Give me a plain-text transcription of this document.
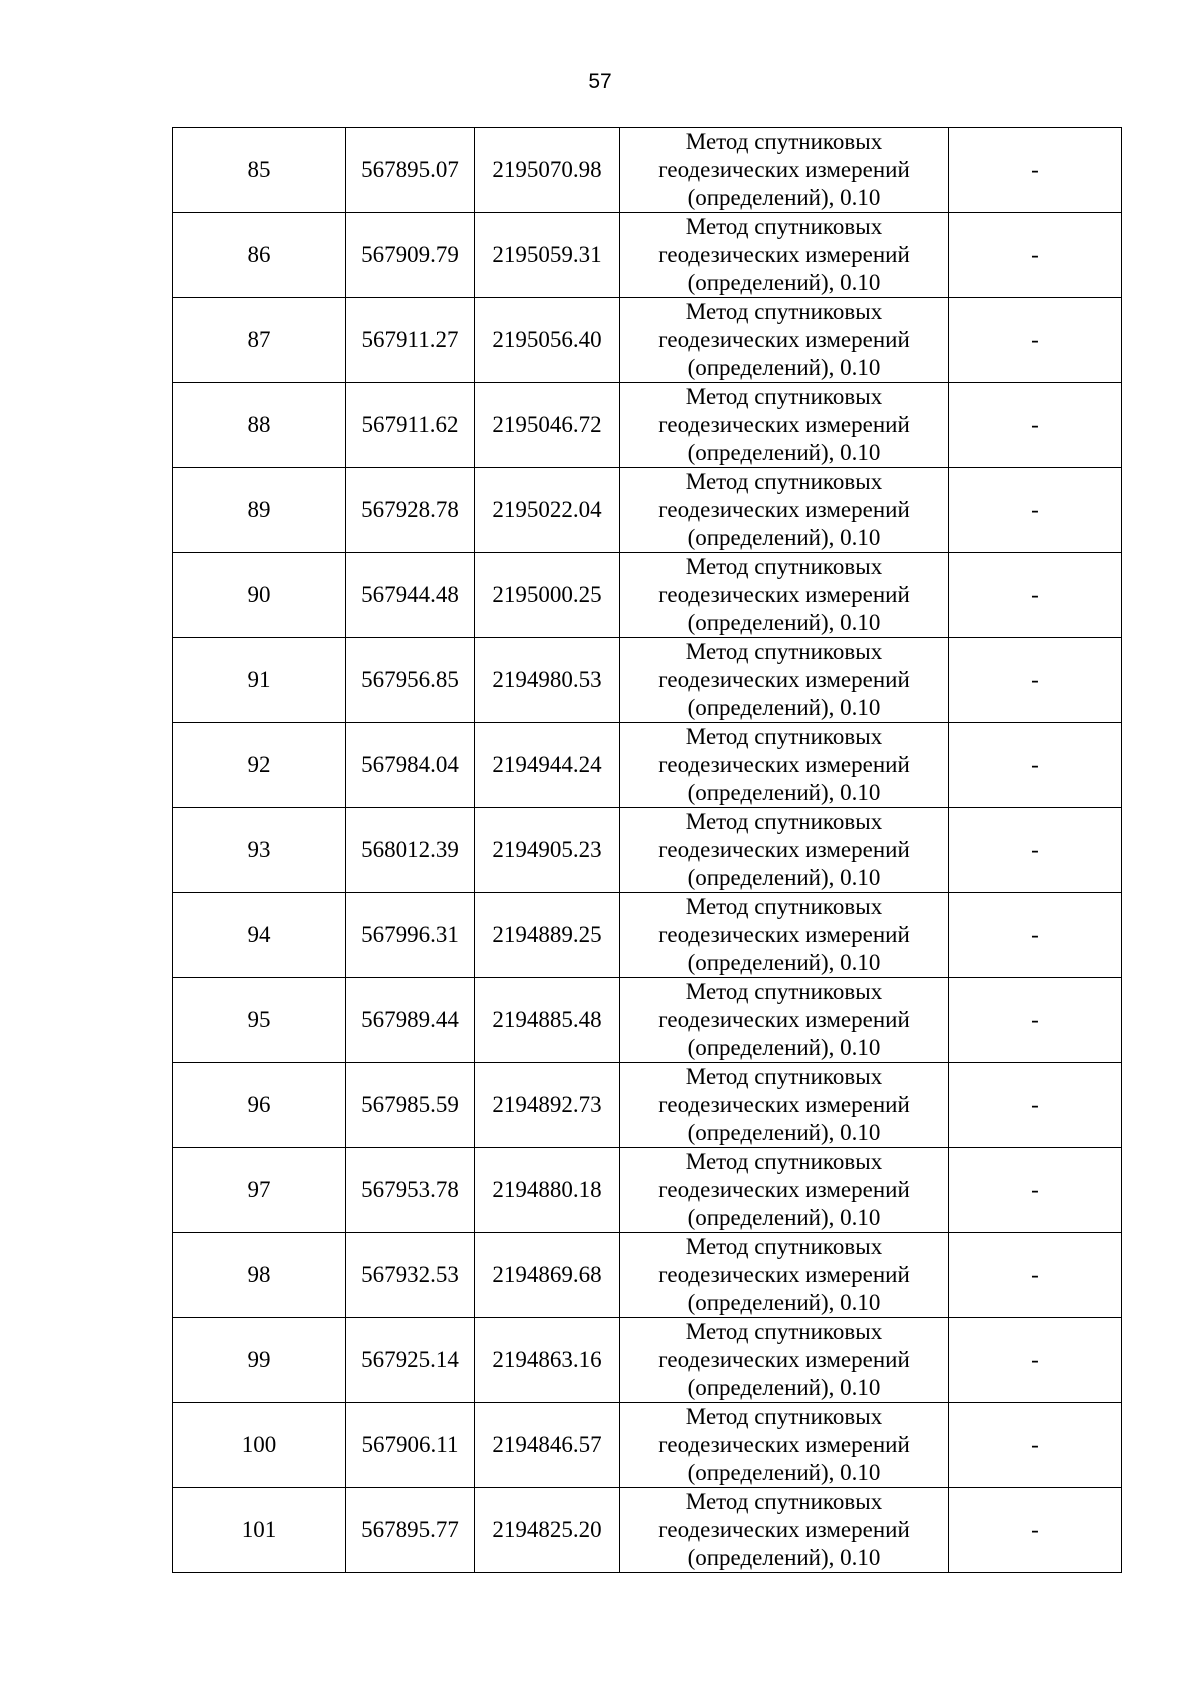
57
85	567895.07	2195070.98	Метод спутниковых
геодезических измерений
(определений), 0.10	-
86	567909.79	2195059.31	Метод спутниковых
геодезических измерений
(определений), 0.10	-
87	567911.27	2195056.40	Метод спутниковых
геодезических измерений
(определений), 0.10	-
88	567911.62	2195046.72	Метод спутниковых
геодезических измерений
(определений), 0.10	-
89	567928.78	2195022.04	Метод спутниковых
геодезических измерений
(определений), 0.10	-
90	567944.48	2195000.25	Метод спутниковых
геодезических измерений
(определений), 0.10	-
91	567956.85	2194980.53	Метод спутниковых
геодезических измерений
(определений), 0.10	-
92	567984.04	2194944.24	Метод спутниковых
геодезических измерений
(определений), 0.10	-
93	568012.39	2194905.23	Метод спутниковых
геодезических измерений
(определений), 0.10	-
94	567996.31	2194889.25	Метод спутниковых
геодезических измерений
(определений), 0.10	-
95	567989.44	2194885.48	Метод спутниковых
геодезических измерений
(определений), 0.10	-
96	567985.59	2194892.73	Метод спутниковых
геодезических измерений
(определений), 0.10	-
97	567953.78	2194880.18	Метод спутниковых
геодезических измерений
(определений), 0.10	-
98	567932.53	2194869.68	Метод спутниковых
геодезических измерений
(определений), 0.10	-
99	567925.14	2194863.16	Метод спутниковых
геодезических измерений
(определений), 0.10	-
100	567906.11	2194846.57	Метод спутниковых
геодезических измерений
(определений), 0.10	-
101	567895.77	2194825.20	Метод спутниковых
геодезических измерений
(определений), 0.10	-
